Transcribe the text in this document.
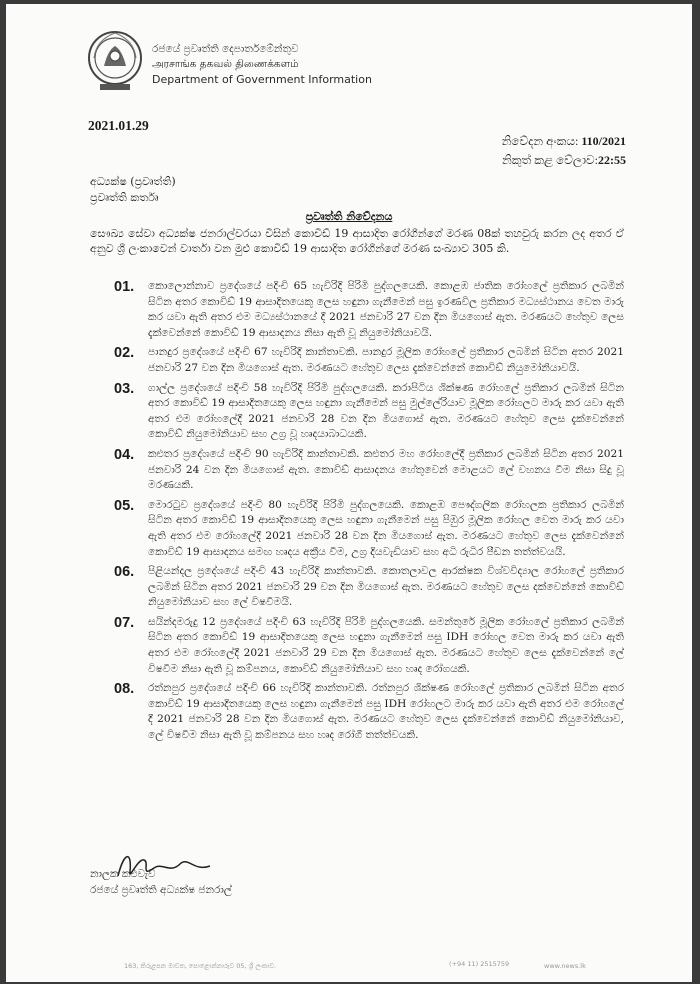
රජයේ ප්‍රවෘත්ති දෙපාර්තමේන්තුව
அரசாங்க தகவல் திணைக்களம்
Department of Government Information
2021.01.29
නිවේදන අංකය: 110/2021
නිකුත් කළ වේලාව:22:55
අධ්‍යක්ෂ (ප්‍රවෘත්ති)
ප්‍රවෘත්ති කර්තෘ
ප්‍රවෘත්ති නිවේදනය
සෞඛ්‍ය සේවා අධ්‍යක්ෂ ජනරාල්වරයා විසින් කොවිඩ් 19 ආසාදිත රෝගීන්ගේ මරණ 08ක් තහවුරු කරන ලද අතර ඒ අනුව ශ්‍රී ලංකාවෙන් වාර්තා වන මුළු කොවිඩ් 19 ආසාදිත රෝගීන්ගේ මරණ සංඛ්‍යාව 305 කි.
01. කොලොන්නාව ප්‍රදේශයේ පදිංචි 65 හැවිරිදි පිරිමි පුද්ගලයෙකි. කොළඹ ජාතික රෝහලේ ප්‍රතිකාර ලබමින් සිටින අතර කොවිඩ් 19 ආසාදිතයෙකු ලෙස හඳුනා ගැනීමෙන් පසු ඉරණවිල ප්‍රතිකාර මධ්‍යස්ථානය වෙත මාරු කර යවා ඇති අතර එම මධ්‍යස්ථානයේ දී 2021 ජනවාරි 27 වන දින මියගොස් ඇත. මරණයට හේතුව ලෙස දැක්වෙන්නේ කොවිඩ් 19 ආසාදනය නිසා ඇති වූ නියුමෝනියාවයි.
02. පානදුර ප්‍රදේශයේ පදිංචි 67 හැවිරිදි කාන්තාවකි. පානදුර මූලික රෝහලේ ප්‍රතිකාර ලබමින් සිටින අතර 2021 ජනවාරි 27 වන දින මියගොස් ඇත. මරණයට හේතුව ලෙස දැක්වෙන්නේ කොවිඩ් නියුමෝනියාවයි.
03. ගාල්ල ප්‍රදේශයේ පදිංචි 58 හැවිරිදි පිරිමි පුද්ගලයෙකි. කරාපිටිය ශික්ෂණ රෝහලේ ප්‍රතිකාර ලබමින් සිටින අතර කොවිඩ් 19 ආසාදිතයෙකු ලෙස හඳුනා ගැනීමෙන් පසු මුල්ලේරියාව මූලික රෝහලට මාරු කර යවා ඇති අතර එම රෝහලේදී 2021 ජනවාරි 28 වන දින මියගොස් ඇත. මරණයට හේතුව ලෙස දැක්වෙන්නේ කොවිඩ් නියුමෝනියාව සහ උග්‍ර වූ හෘදයාබාධයකි.
04. කළුතර ප්‍රදේශයේ පදිංචි 90 හැවිරිදි කාන්තාවකි. කළුතර මහ රෝහලේදී ප්‍රතිකාර ලබමින් සිටින අතර 2021 ජනවාරි 24 වන දින මියගොස් ඇත. කොවිඩ් ආසාදනය හේතුවෙන් මොළයට ලේ වහනය වීම නිසා සිදු වූ මරණයකි.
05. මොරටුව ප්‍රදේශයේ පදිංචි 80 හැවිරිදි පිරිමි පුද්ගලයෙකි. කොළඹ පෞද්ගලික රෝහලක ප්‍රතිකාර ලබමින් සිටින අතර කොවිඩ් 19 ආසාදිතයෙකු ලෙස හඳුනා ගැනීමෙන් පසු පිඹුර මූලික රෝහල වෙත මාරු කර යවා ඇති අතර එම රෝහලේදී 2021 ජනවාරි 28 වන දින මියගොස් ඇත. මරණයට හේතුව ලෙස දැක්වෙන්නේ කොවිඩ් 19 ආසාදනය සමඟ හෘදය අක්‍රීය වීම, උග්‍ර දියවැඩියාව සහ අධි රුධිර පීඩන තත්ත්වයයි.
06. පිළියන්දල ප්‍රදේශයේ පදිංචි 43 හැවිරිදි කාන්තාවකි. කොතලාවල ආරක්ෂක විශ්වවිද්‍යාල රෝහලේ ප්‍රතිකාර ලබමින් සිටින අතර 2021 ජනවාරි 29 වන දින මියගොස් ඇත. මරණයට හේතුව ලෙස දක්වෙන්නේ කොවිඩ් නියුමෝනියාව සහ ලේ විෂවීමයි.
07. සයින්දමරුදු 12 ප්‍රදේශයේ පදිංචි 63 හැවිරිදි පිරිමි පුද්ගලයෙකි. සමන්තුරේ මූලික රෝහලේ ප්‍රතිකාර ලබමින් සිටින අතර කොවිඩ් 19 ආසාදිතයෙකු ලෙස හඳුනා ගැනීමෙන් පසු IDH රෝහල වෙත මාරු කර යවා ඇති අතර එම රෝහලේදී 2021 ජනවාරි 29 වන දින මියගොස් ඇත. මරණයට හේතුව ලෙස දැක්වෙන්නේ ලේ විෂවීම නිසා ඇති වූ කම්පනය, කොවිඩ් නියුමෝනියාව සහ හෘද රෝගයකි.
08. රත්නපුර ප්‍රදේශයේ පදිංචි 66 හැවිරිදි කාන්තාවකි. රත්නපුර ශික්ෂණ රෝහලේ ප්‍රතිකාර ලබමින් සිටින අතර කොවිඩ් 19 ආසාදිතයෙකු ලෙස හඳුනා ගැනීමෙන් පසු IDH රෝහලට මාරු කර යවා ඇති අතර එම රෝහලේ දී 2021 ජනවාරි 28 වන දින මියගොස් ඇත. මරණයට හේතුව ලෙස දැක්වෙන්නේ කොවිඩ් නියුමෝනියාව, ලේ විෂවීම නිසා ඇති වූ කම්පනය සහ හෘද රෝගී තත්ත්වයකි.
නාලක කළුවැව
රජයේ ප්‍රවෘත්ති අධ්‍යක්ෂ ජනරාල්
163, කිරුළපන මාවත, පොළොන්නාරුව 05, ශ්‍රී ලංකාව.	(+94 11) 2515759	www.news.lk
